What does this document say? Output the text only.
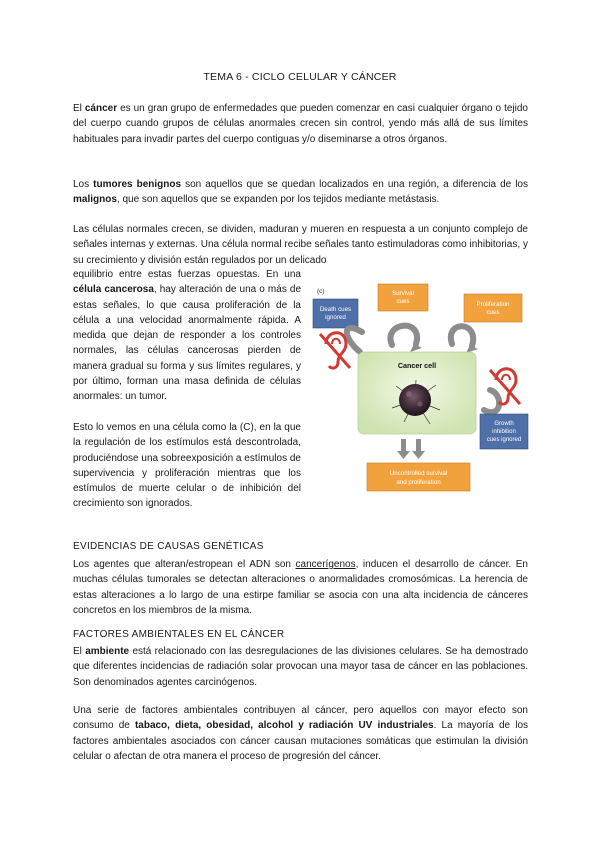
TEMA 6 - CICLO CELULAR Y CÁNCER

El cáncer es un gran grupo de enfermedades que pueden comenzar en casi cualquier órgano o tejido del cuerpo cuando grupos de células anormales crecen sin control, yendo más allá de sus límites habituales para invadir partes del cuerpo contiguas y/o diseminarse a otros órganos.

Los tumores benignos son aquellos que se quedan localizados en una región, a diferencia de los malignos, que son aquellos que se expanden por los tejidos mediante metástasis.

Las células normales crecen, se dividen, maduran y mueren en respuesta a un conjunto complejo de señales internas y externas. Una célula normal recibe señales tanto estimuladoras como inhibitorias, y su crecimiento y división están regulados por un delicado

equilibrio entre estas fuerzas opuestas. En una célula cancerosa, hay alteración de una o más de estas señales, lo que causa proliferación de la célula a una velocidad anormalmente rápida. A medida que dejan de responder a los controles normales, las células cancerosas pierden de manera gradual su forma y sus límites regulares, y por último, forman una masa definida de células anormales: un tumor.

Esto lo vemos en una célula como la (C), en la que la regulación de los estímulos está descontrolada, produciéndose una sobreexposición a estímulos de supervivencia y proliferación mientras que los estímulos de muerte celular o de inhibición del crecimiento son ignorados.

EVIDENCIAS DE CAUSAS GENÉTICAS

Los agentes que alteran/estropean el ADN son cancerígenos, inducen el desarrollo de cáncer. En muchas células tumorales se detectan alteraciones o anormalidades cromosómicas. La herencia de estas alteraciones a lo largo de una estirpe familiar se asocia con una alta incidencia de cánceres concretos en los miembros de la misma.

FACTORES AMBIENTALES EN EL CÁNCER

El ambiente está relacionado con las desregulaciones de las divisiones celulares. Se ha demostrado que diferentes incidencias de radiación solar provocan una mayor tasa de cáncer en las poblaciones. Son denominados agentes carcinógenos.

Una serie de factores ambientales contribuyen al cáncer, pero aquellos con mayor efecto son consumo de tabaco, dieta, obesidad, alcohol y radiación UV industriales. La mayoría de los factores ambientales asociados con cáncer causan mutaciones somáticas que estimulan la división celular o afectan de otra manera el proceso de progresión del cáncer.

(c)
Death cues
ignored
Survival
cues	Proliferation
cues
Cancer cell
Growth
inhibition
cues ignored
Uncontrolled survival
and proliferation
